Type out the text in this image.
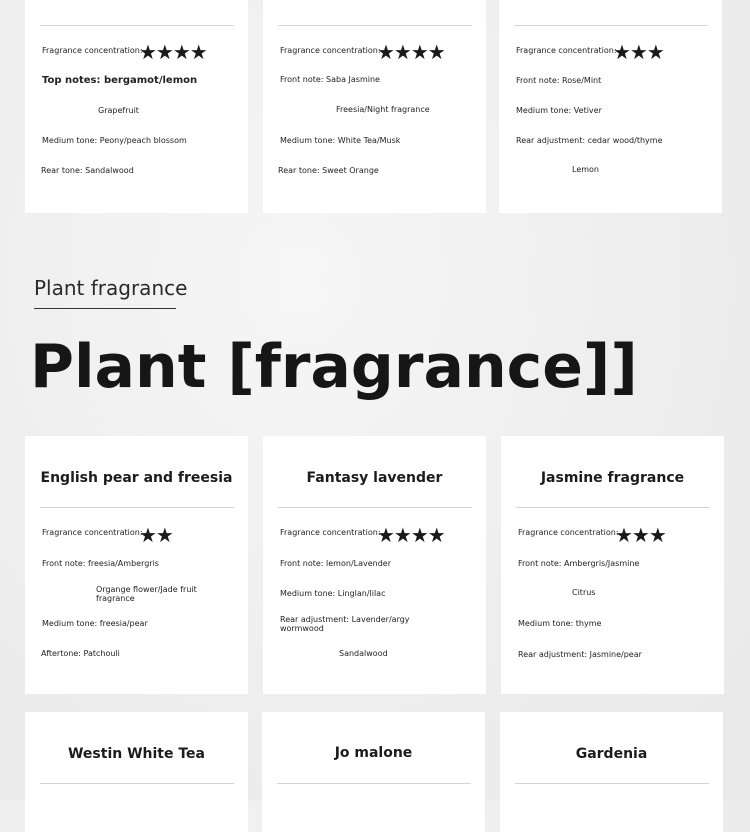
Fragrance concentration:
★★★★
Top notes: bergamot/lemon
Grapefruit
Medium tone: Peony/peach blossom
Rear tone: Sandalwood
Fragrance concentration:
★★★★
Front note: Saba Jasmine
Freesia/Night fragrance
Medium tone: White Tea/Musk
Rear tone: Sweet Orange
Fragrance concentration:
★★★
Front note: Rose/Mint
Medium tone: Vetiver
Rear adjustment: cedar wood/thyme
Lemon
Plant fragrance
Plant [fragrance]]
English pear and freesia
Fragrance concentration:
★★
Front note: freesia/Ambergris
Organge flower/Jade fruit fragrance
Medium tone: freesia/pear
Aftertone: Patchouli
Fantasy lavender
Fragrance concentration:
★★★★
Front note: lemon/Lavender
Medium tone: Linglan/lilac
Rear adjustment: Lavender/argy wormwood
Sandalwood
Jasmine fragrance
Fragrance concentration:
★★★
Front note: Ambergris/Jasmine
Citrus
Medium tone: thyme
Rear adjustment: Jasmine/pear
Westin White Tea	Jo malone	Gardenia
